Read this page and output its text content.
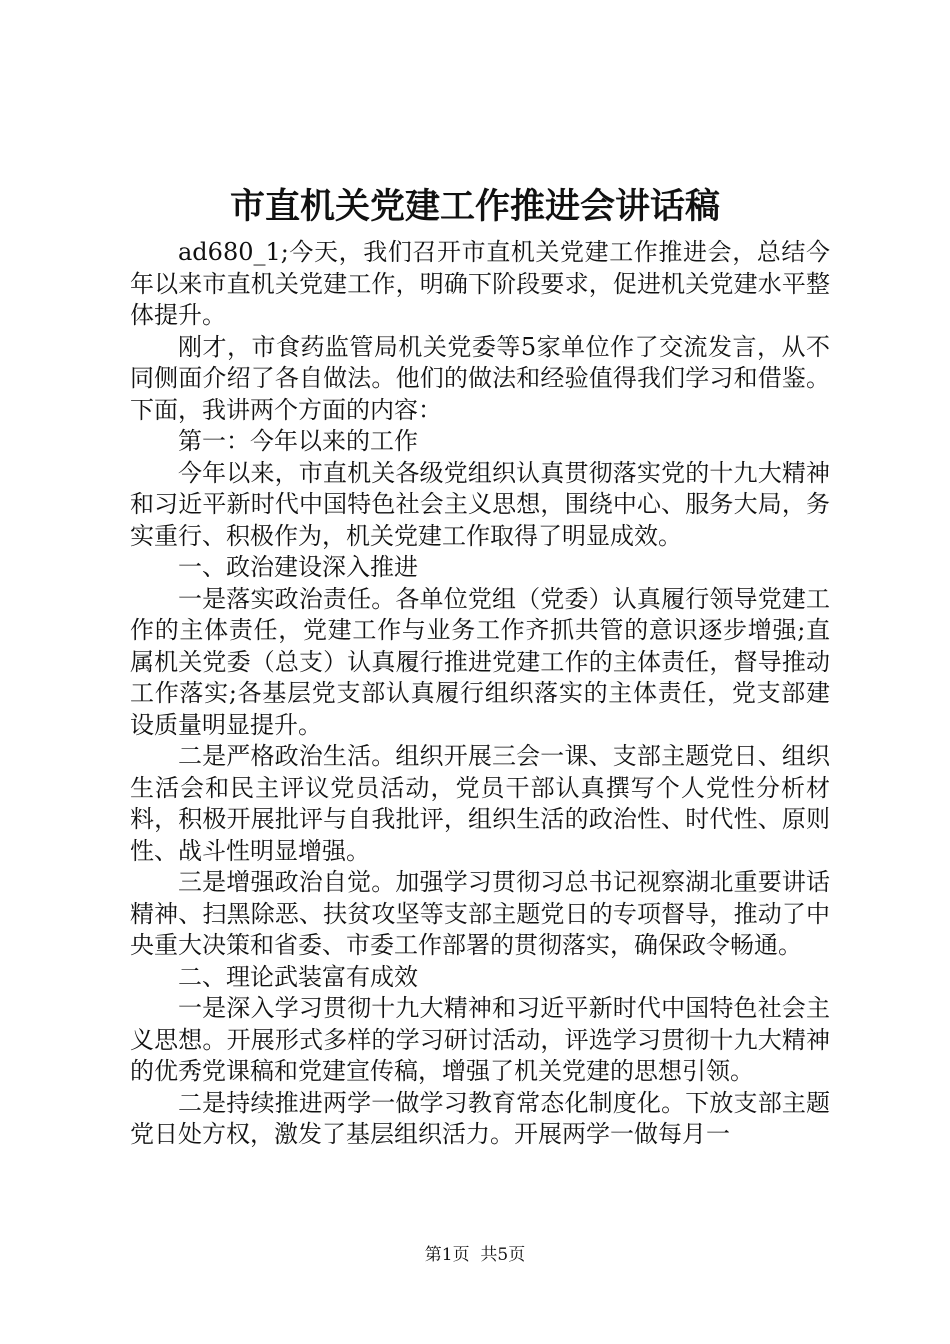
市直机关党建工作推进会讲话稿

ad680_1;今天，我们召开市直机关党建工作推进会，总结今年以来市直机关党建工作，明确下阶段要求，促进机关党建水平整体提升。

刚才，市食药监管局机关党委等5家单位作了交流发言，从不同侧面介绍了各自做法。他们的做法和经验值得我们学习和借鉴。下面，我讲两个方面的内容：

第一：今年以来的工作

今年以来，市直机关各级党组织认真贯彻落实党的十九大精神和习近平新时代中国特色社会主义思想，围绕中心、服务大局，务实重行、积极作为，机关党建工作取得了明显成效。

一、政治建设深入推进

一是落实政治责任。各单位党组（党委）认真履行领导党建工作的主体责任，党建工作与业务工作齐抓共管的意识逐步增强;直属机关党委（总支）认真履行推进党建工作的主体责任，督导推动工作落实;各基层党支部认真履行组织落实的主体责任，党支部建设质量明显提升。

二是严格政治生活。组织开展三会一课、支部主题党日、组织生活会和民主评议党员活动，党员干部认真撰写个人党性分析材料，积极开展批评与自我批评，组织生活的政治性、时代性、原则性、战斗性明显增强。

三是增强政治自觉。加强学习贯彻习总书记视察湖北重要讲话精神、扫黑除恶、扶贫攻坚等支部主题党日的专项督导，推动了中央重大决策和省委、市委工作部署的贯彻落实，确保政令畅通。

二、理论武装富有成效

一是深入学习贯彻十九大精神和习近平新时代中国特色社会主义思想。开展形式多样的学习研讨活动，评选学习贯彻十九大精神的优秀党课稿和党建宣传稿，增强了机关党建的思想引领。

二是持续推进两学一做学习教育常态化制度化。下放支部主题党日处方权，激发了基层组织活力。开展两学一做每月一

第1页 共5页
